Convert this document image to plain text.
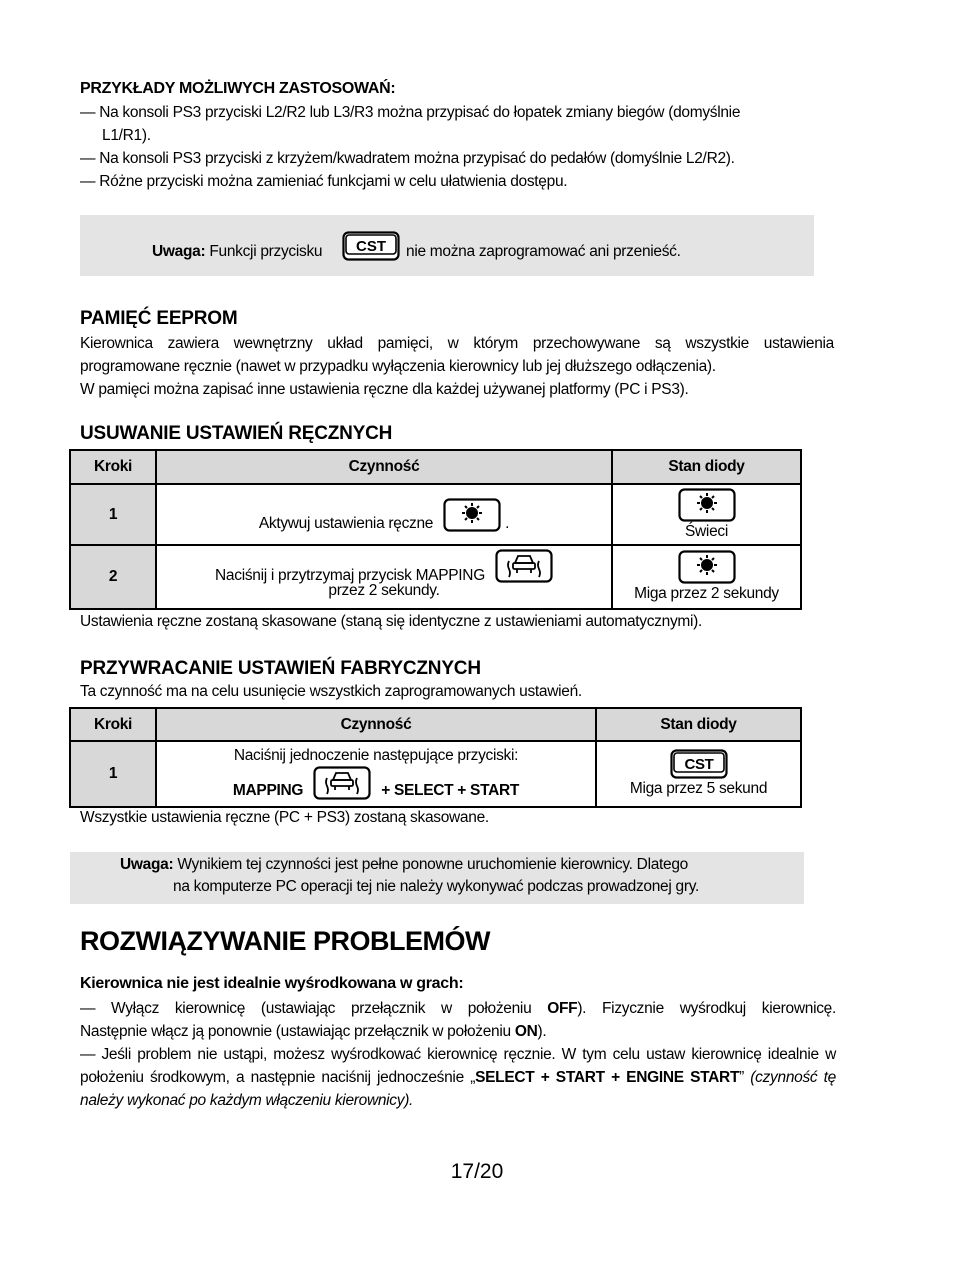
PRZYKŁADY MOŻLIWYCH ZASTOSOWAŃ:
— Na konsoli PS3 przyciski L2/R2 lub L3/R3 można przypisać do łopatek zmiany biegów (domyślnie
L1/R1).
— Na konsoli PS3 przyciski z krzyżem/kwadratem można przypisać do pedałów (domyślnie L2/R2).
— Różne przyciski można zamieniać funkcjami w celu ułatwienia dostępu.
Uwaga: Funkcji przycisku	nie można zaprogramować ani przenieść.
PAMIĘĆ EEPROM
Kierownica zawiera wewnętrzny układ pamięci, w którym przechowywane są wszystkie ustawienia
programowane ręcznie (nawet w przypadku wyłączenia kierownicy lub jej dłuższego odłączenia).
W pamięci można zapisać inne ustawienia ręczne dla każdej używanej platformy (PC i PS3).
USUWANIE USTAWIEŃ RĘCZNYCH
Kroki	Czynność	Stan diody
1	Aktywuj ustawienia ręczne .	Świeci

2	Naciśnij i przytrzymaj przycisk MAPPING
przez 2 sekundy.	Miga przez 2 sekundy
Ustawienia ręczne zostaną skasowane (staną się identyczne z ustawieniami automatycznymi).
PRZYWRACANIE USTAWIEŃ FABRYCZNYCH
Ta czynność ma na celu usunięcie wszystkich zaprogramowanych ustawień.
Kroki	Czynność	Stan diody
1	Naciśnij jednoczenie następujące przyciski:
MAPPING + SELECT + START	Miga przez 5 sekund
Wszystkie ustawienia ręczne (PC + PS3) zostaną skasowane.
Uwaga: Wynikiem tej czynności jest pełne ponowne uruchomienie kierownicy. Dlatego
na komputerze PC operacji tej nie należy wykonywać podczas prowadzonej gry.
ROZWIĄZYWANIE PROBLEMÓW
Kierownica nie jest idealnie wyśrodkowana w grach:
— Wyłącz kierownicę (ustawiając przełącznik w położeniu OFF). Fizycznie wyśrodkuj kierownicę.
Następnie włącz ją ponownie (ustawiając przełącznik w położeniu ON).
— Jeśli problem nie ustąpi, możesz wyśrodkować kierownicę ręcznie. W tym celu ustaw kierownicę idealnie w położeniu środkowym, a następnie naciśnij jednocześnie „SELECT + START + ENGINE START” (czynność tę należy wykonać po każdym włączeniu kierownicy).
17/20
